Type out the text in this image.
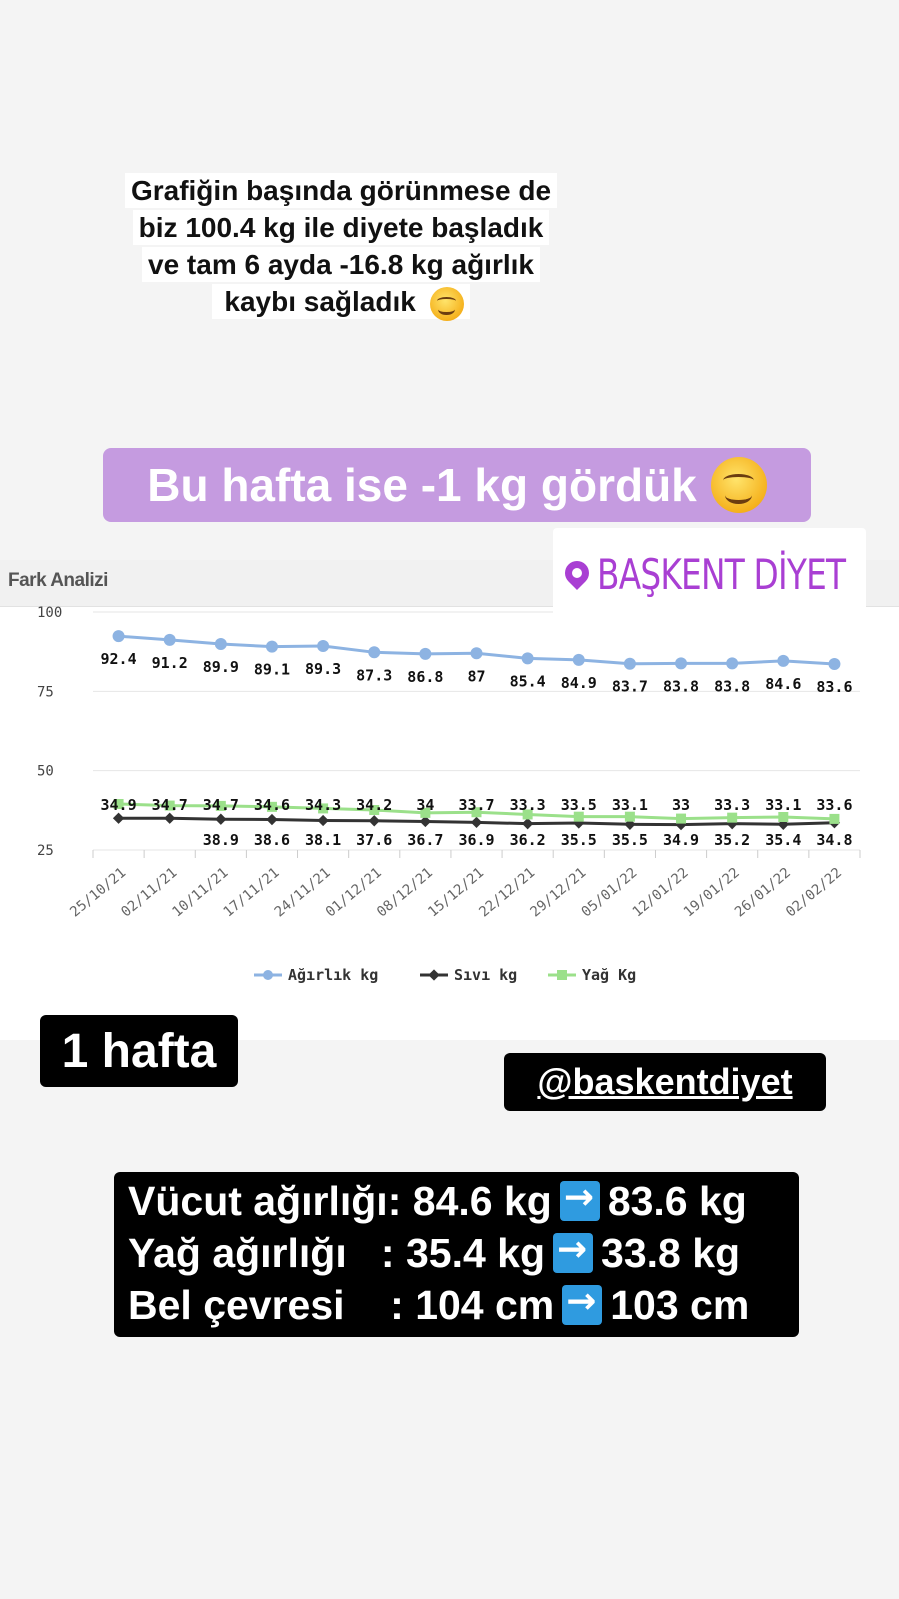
Grafiğin başında görünmese de
biz 100.4 kg ile diyete başladık
ve tam 6 ayda -16.8 kg ağırlık
kaybı sağladık
Bu hafta ise -1 kg gördük
Fark Analizi
100
75
50
25
92.4 91.2 89.9 89.1 89.3 87.3 86.8 87 85.4 84.9 83.7 83.8 83.8 84.6 83.6
34.9 34.7 34.7 34.6 34.3 34.2 34 33.7 33.3 33.5 33.1 33 33.3 33.1 33.6
38.9 38.6 38.1 37.6 36.7 36.9 36.2 35.5 35.5 34.9 35.2 35.4 34.8
25/10/21
02/11/21
10/11/21
17/11/21
24/11/21
01/12/21
08/12/21
15/12/21
22/12/21
29/12/21
05/01/22
12/01/22
19/01/22
26/01/22
02/02/22
Ağırlık kg	Sıvı kg	Yağ Kg
BAŞKENT DİYET
1 hafta
@baskentdiyet
Vücut ağırlığı:
84.6 kg → 83.6 kg
Yağ ağırlığı   :
35.4 kg → 33.8 kg
Bel çevresi    :
104 cm → 103 cm
